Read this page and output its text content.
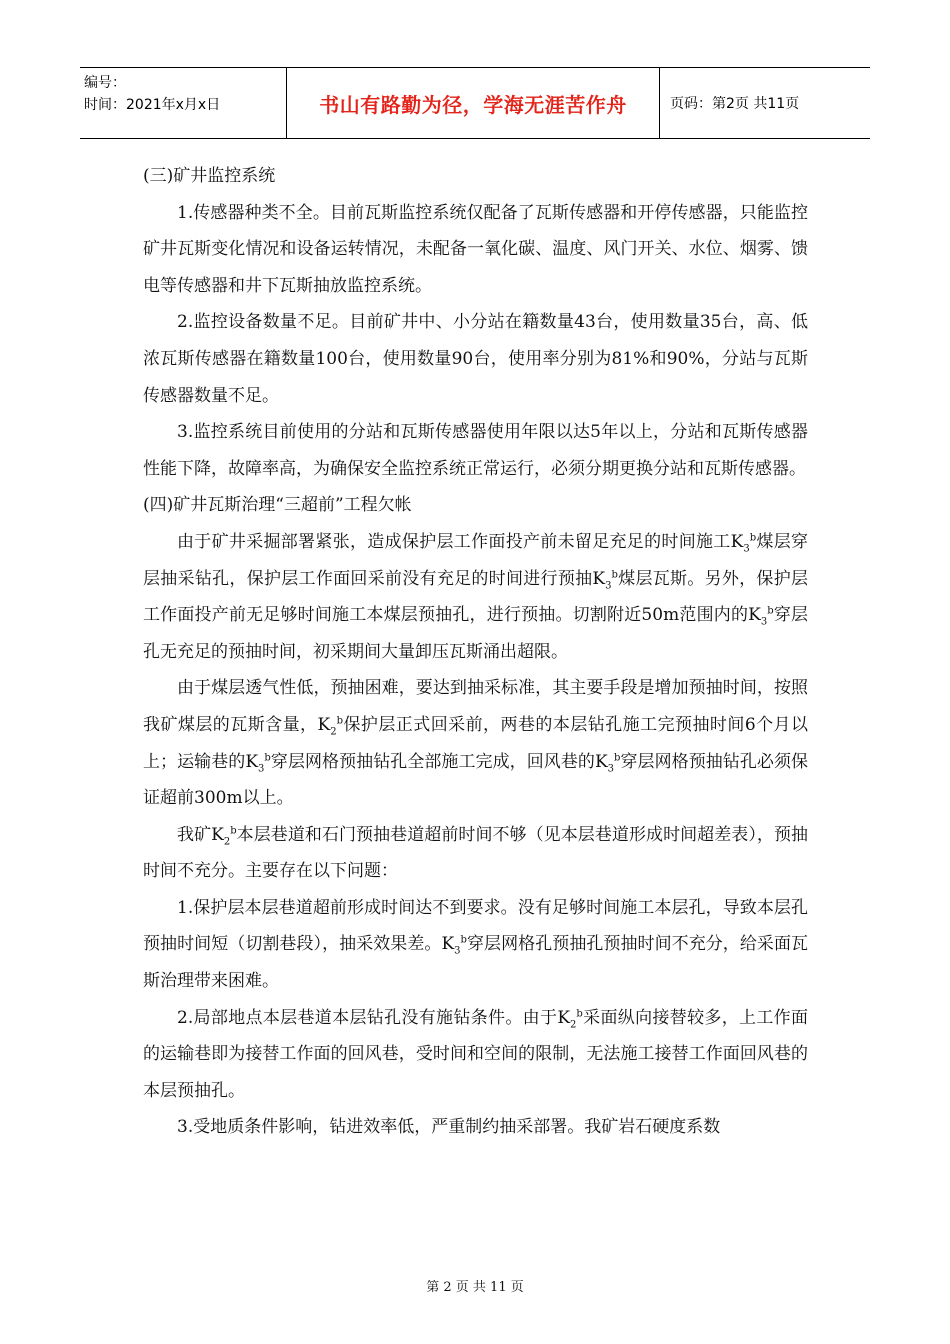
编号：
时间：2021年x月x日	书山有路勤为径，学海无涯苦作舟	页码：第2页 共11页

(三)矿井监控系统

1.传感器种类不全。目前瓦斯监控系统仅配备了瓦斯传感器和开停传感器，只能监控矿井瓦斯变化情况和设备运转情况，未配备一氧化碳、温度、风门开关、水位、烟雾、馈电等传感器和井下瓦斯抽放监控系统。

2.监控设备数量不足。目前矿井中、小分站在籍数量43台，使用数量35台，高、低浓瓦斯传感器在籍数量100台，使用数量90台，使用率分别为81%和90%，分站与瓦斯传感器数量不足。

3.监控系统目前使用的分站和瓦斯传感器使用年限以达5年以上，分站和瓦斯传感器性能下降，故障率高，为确保安全监控系统正常运行，必须分期更换分站和瓦斯传感器。

(四)矿井瓦斯治理“三超前”工程欠帐

由于矿井采掘部署紧张，造成保护层工作面投产前未留足充足的时间施工$K_3^b$煤层穿层抽采钻孔，保护层工作面回采前没有充足的时间进行预抽$K_3^b$煤层瓦斯。另外，保护层工作面投产前无足够时间施工本煤层预抽孔，进行预抽。切割附近50m范围内的$K_3^b$穿层孔无充足的预抽时间，初采期间大量卸压瓦斯涌出超限。

由于煤层透气性低，预抽困难，要达到抽采标准，其主要手段是增加预抽时间，按照我矿煤层的瓦斯含量，$K_2^b$保护层正式回采前，两巷的本层钻孔施工完预抽时间6个月以上；运输巷的$K_3^b$穿层网格预抽钻孔全部施工完成，回风巷的$K_3^b$穿层网格预抽钻孔必须保证超前300m以上。

我矿$K_2^b$本层巷道和石门预抽巷道超前时间不够（见本层巷道形成时间超差表），预抽时间不充分。主要存在以下问题：

1.保护层本层巷道超前形成时间达不到要求。没有足够时间施工本层孔，导致本层孔预抽时间短（切割巷段），抽采效果差。$K_3^b$穿层网格孔预抽孔预抽时间不充分，给采面瓦斯治理带来困难。

2.局部地点本层巷道本层钻孔没有施钻条件。由于$K_2^b$采面纵向接替较多，上工作面的运输巷即为接替工作面的回风巷，受时间和空间的限制，无法施工接替工作面回风巷的本层预抽孔。

3.受地质条件影响，钻进效率低，严重制约抽采部署。我矿岩石硬度系数

第 2 页 共 11 页
